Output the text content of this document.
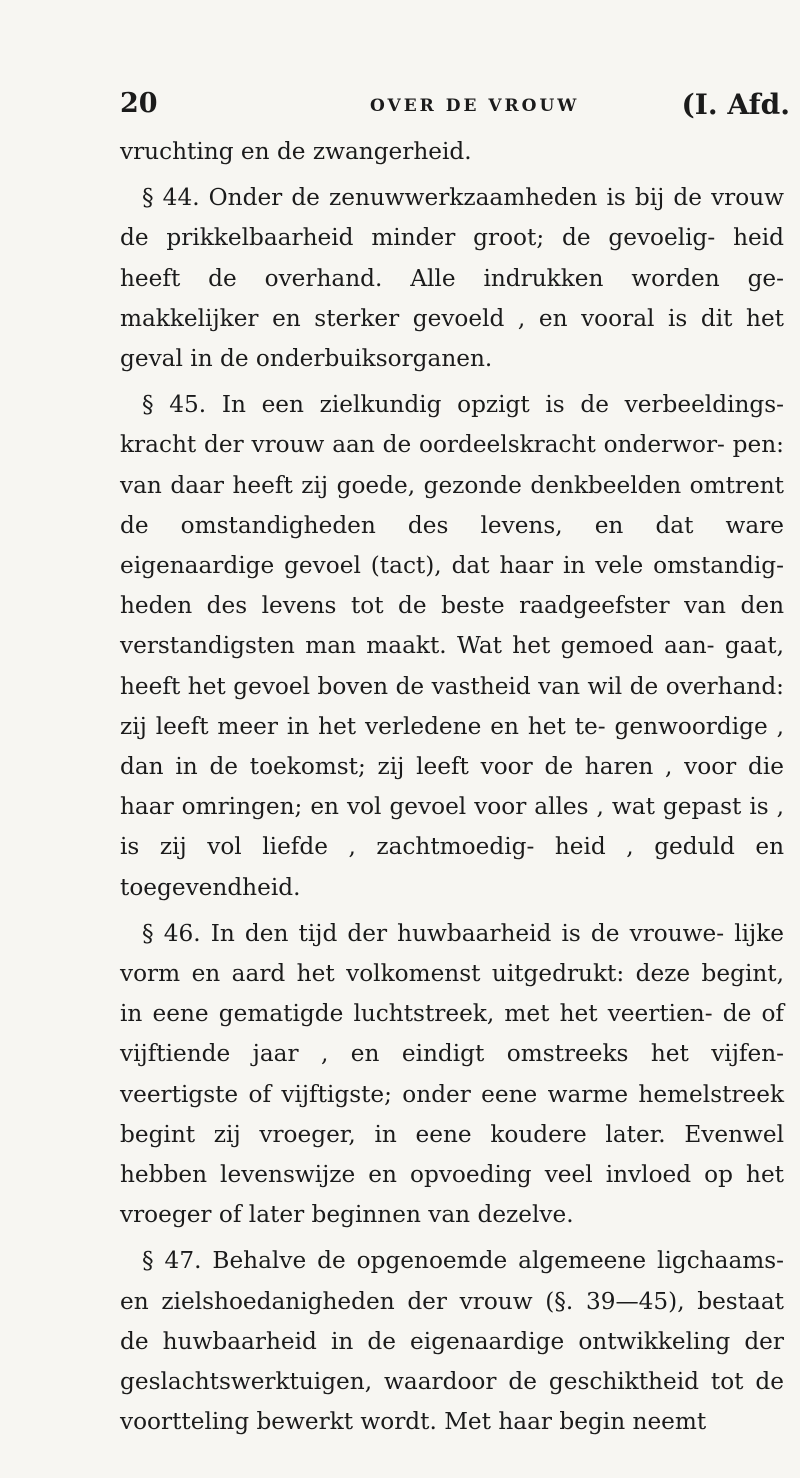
20	OVER DE VROUW	(I. Afd.

vruchting en de zwangerheid.

§ 44. Onder de zenuwwerkzaamheden is bij de vrouw de prikkelbaarheid minder groot; de gevoelig- heid heeft de overhand. Alle indrukken worden ge- makkelijker en sterker gevoeld , en vooral is dit het geval in de onderbuiksorganen.

§ 45. In een zielkundig opzigt is de verbeeldings- kracht der vrouw aan de oordeelskracht onderwor- pen: van daar heeft zij goede, gezonde denkbeelden omtrent de omstandigheden des levens, en dat ware eigenaardige gevoel (tact), dat haar in vele omstandig- heden des levens tot de beste raadgeefster van den verstandigsten man maakt. Wat het gemoed aan- gaat, heeft het gevoel boven de vastheid van wil de overhand: zij leeft meer in het verledene en het te- genwoordige , dan in de toekomst; zij leeft voor de haren , voor die haar omringen; en vol gevoel voor alles , wat gepast is , is zij vol liefde , zachtmoedig- heid , geduld en toegevendheid.

§ 46. In den tijd der huwbaarheid is de vrouwe- lijke vorm en aard het volkomenst uitgedrukt: deze begint, in eene gematigde luchtstreek, met het veertien- de of vijftiende jaar , en eindigt omstreeks het vijfen- veertigste of vijftigste; onder eene warme hemelstreek begint zij vroeger, in eene koudere later. Evenwel hebben levenswijze en opvoeding veel invloed op het vroeger of later beginnen van dezelve.

§ 47. Behalve de opgenoemde algemeene ligchaams- en zielshoedanigheden der vrouw (§. 39—45), bestaat de huwbaarheid in de eigenaardige ontwikkeling der geslachtswerktuigen, waardoor de geschiktheid tot de voortteling bewerkt wordt. Met haar begin neemt
